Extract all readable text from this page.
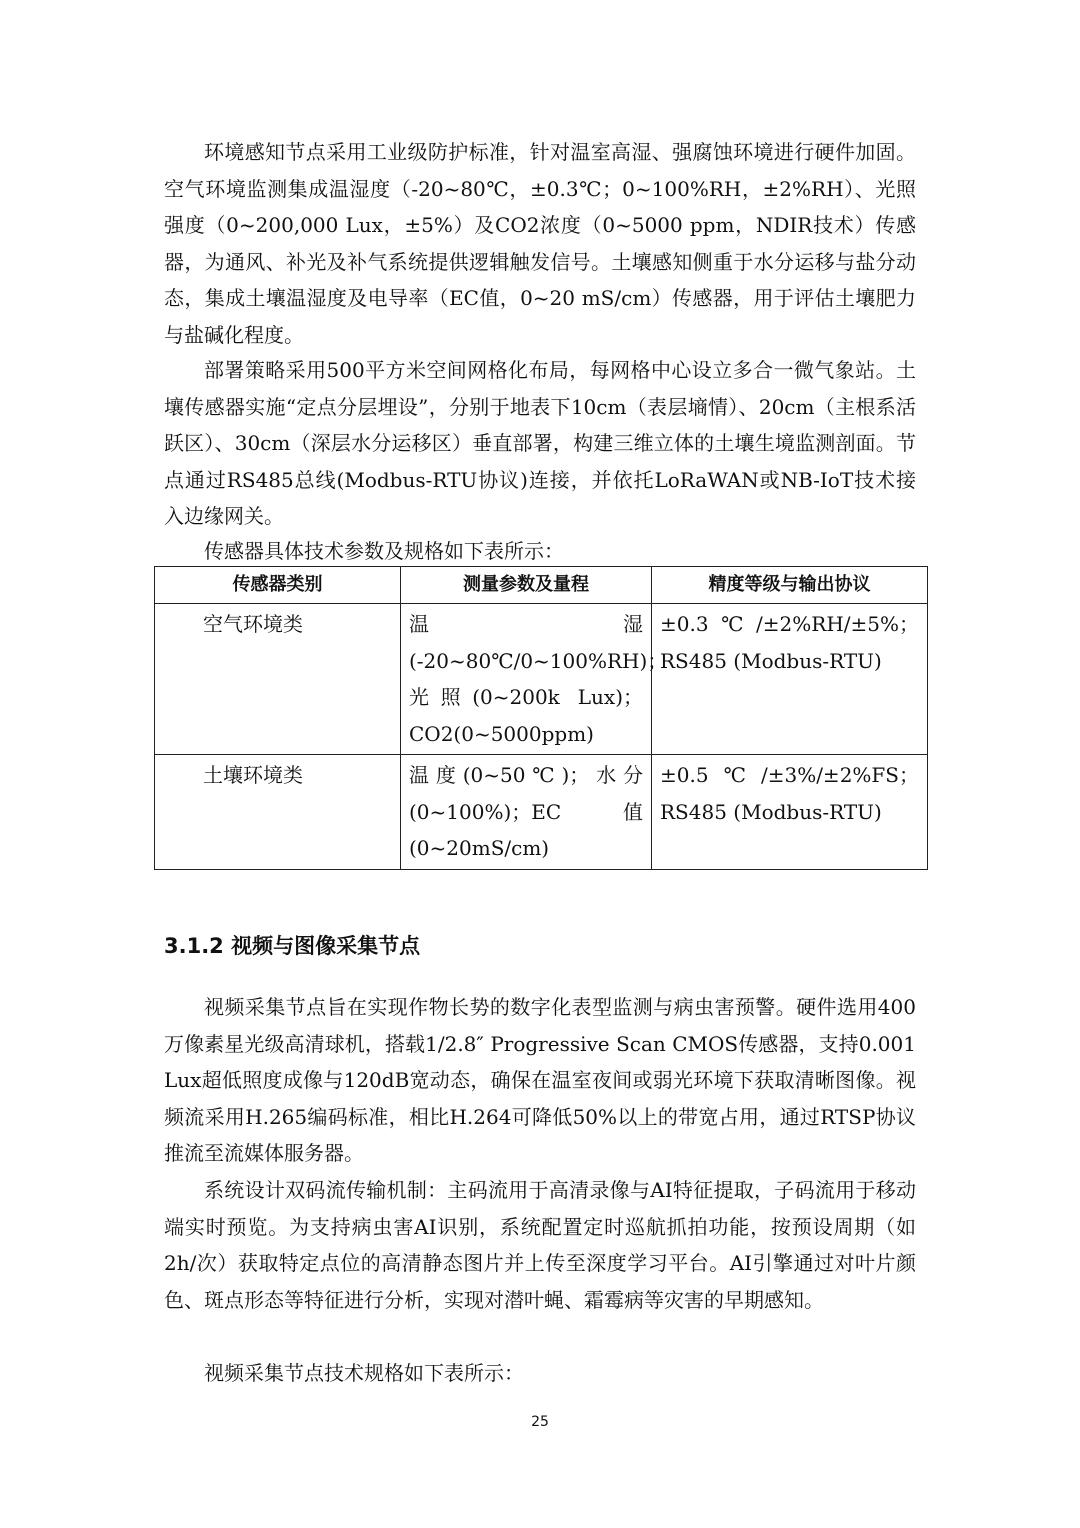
环境感知节点采用工业级防护标准，针对温室高湿、强腐蚀环境进行硬件加固。空气环境监测集成温湿度（-20~80℃，±0.3℃；0~100%RH，±2%RH）、光照强度（0~200,000 Lux，±5%）及CO2浓度（0~5000 ppm，NDIR技术）传感器，为通风、补光及补气系统提供逻辑触发信号。土壤感知侧重于水分运移与盐分动态，集成土壤温湿度及电导率（EC值，0~20 mS/cm）传感器，用于评估土壤肥力与盐碱化程度。

部署策略采用500平方米空间网格化布局，每网格中心设立多合一微气象站。土壤传感器实施“定点分层埋设”，分别于地表下10cm（表层墒情）、20cm（主根系活跃区）、30cm（深层水分运移区）垂直部署，构建三维立体的土壤生境监测剖面。节点通过RS485总线(Modbus-RTU协议)连接，并依托LoRaWAN或NB-IoT技术接入边缘网关。

传感器具体技术参数及规格如下表所示：

传感器类别	测量参数及量程	精度等级与输出协议
空气环境类	温湿(-20~80℃/0~100%RH)；光照(0~200k Lux)；CO2(0~5000ppm)	±0.3℃/±2%RH/±5%；RS485 (Modbus-RTU)
土壤环境类	温度(0~50℃)；水分(0~100%)；EC值(0~20mS/cm)	±0.5℃/±3%/±2%FS；RS485 (Modbus-RTU)
3.1.2 视频与图像采集节点

视频采集节点旨在实现作物长势的数字化表型监测与病虫害预警。硬件选用400万像素星光级高清球机，搭载1/2.8″ Progressive Scan CMOS传感器，支持0.001 Lux超低照度成像与120dB宽动态，确保在温室夜间或弱光环境下获取清晰图像。视频流采用H.265编码标准，相比H.264可降低50%以上的带宽占用，通过RTSP协议推流至流媒体服务器。

系统设计双码流传输机制：主码流用于高清录像与AI特征提取，子码流用于移动端实时预览。为支持病虫害AI识别，系统配置定时巡航抓拍功能，按预设周期（如2h/次）获取特定点位的高清静态图片并上传至深度学习平台。AI引擎通过对叶片颜色、斑点形态等特征进行分析，实现对潜叶蝇、霜霉病等灾害的早期感知。

视频采集节点技术规格如下表所示：

25
